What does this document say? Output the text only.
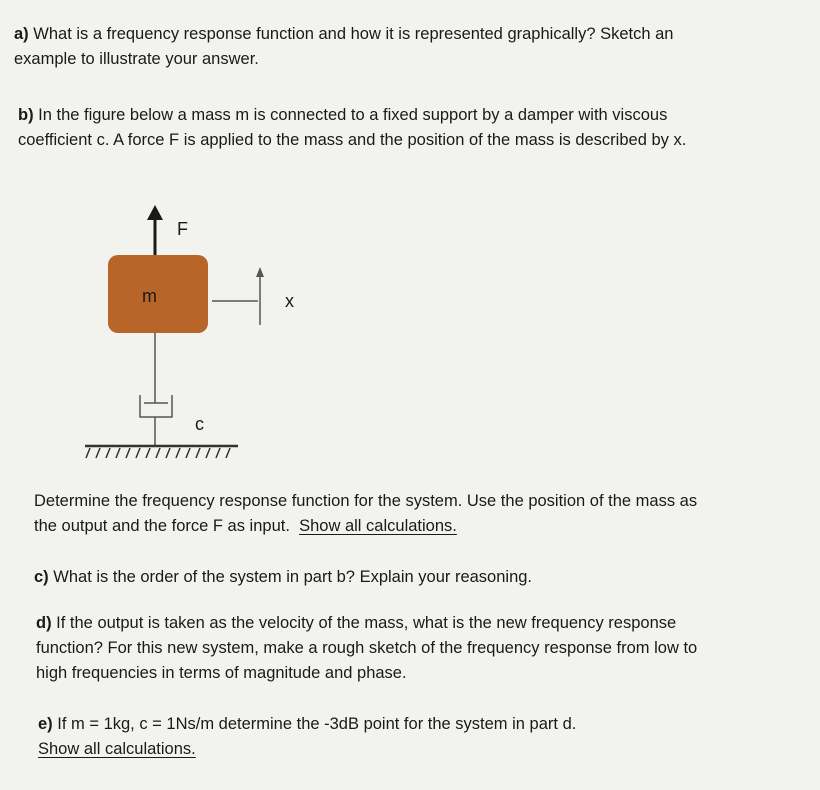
a) What is a frequency response function and how it is represented graphically? Sketch an
example to illustrate your answer.
b) In the figure below a mass m is connected to a fixed support by a damper with viscous
coefficient c. A force F is applied to the mass and the position of the mass is described by x.
F
m	x
c
Determine the frequency response function for the system. Use the position of the mass as
the output and the force F as input.  Show all calculations.
c) What is the order of the system in part b? Explain your reasoning.
d) If the output is taken as the velocity of the mass, what is the new frequency response
function? For this new system, make a rough sketch of the frequency response from low to
high frequencies in terms of magnitude and phase.
e) If m = 1kg, c = 1Ns/m determine the -3dB point for the system in part d.
Show all calculations.
